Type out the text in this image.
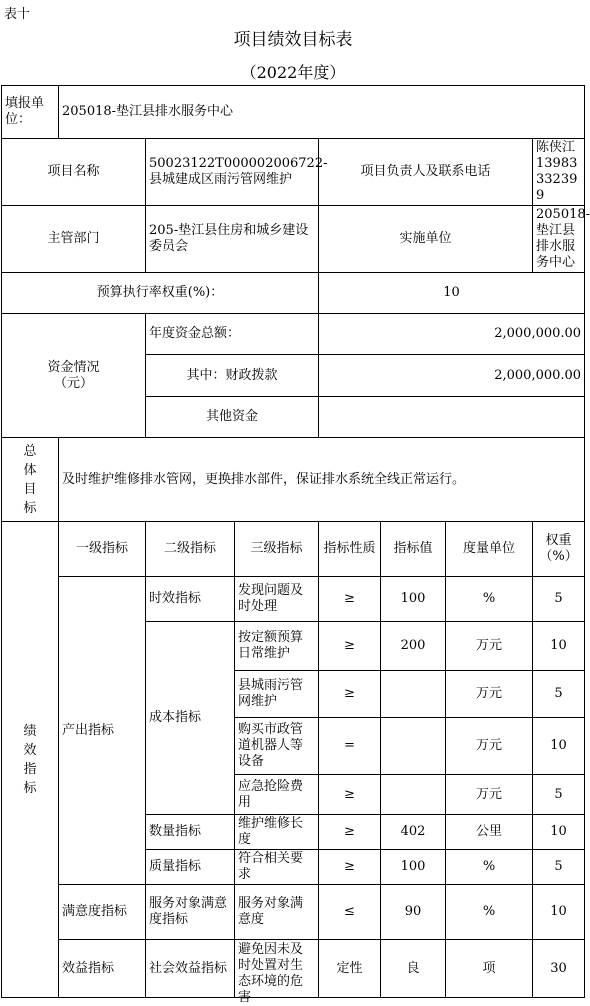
表十
项目绩效目标表
（2022年度）
填报单位：	205018-垫江县排水服务中心						
项目名称		50023122T000002006722-县城建成区雨污管网维护		项目负责人及联系电话			陈侠江 13983332399
主管部门		205-垫江县住房和城乡建设委员会		实施单位			205018-垫江县排水服务中心
预算执行率权重(%)：				10			
资金情况（元）		年度资金总额：		2,000,000.00			
		其中：财政拨款		2,000,000.00			
		其他资金					
总体目标	及时维护维修排水管网，更换排水部件，保证排水系统全线正常运行。						
绩效指标	一级指标	二级指标	三级指标	指标性质	指标值	度量单位	权重（%）
	产出指标	时效指标	发现问题及时处理	≥	100	%	5
		成本指标	按定额预算日常维护	≥	200	万元	10
			县城雨污管网维护	≥		万元	5
			购买市政管道机器人等设备	=		万元	10
			应急抢险费用	≥		万元	5
		数量指标	维护维修长度	≥	402	公里	10
		质量指标	符合相关要求	≥	100	%	5
	满意度指标	服务对象满意度指标	服务对象满意度	≤	90	%	10
	效益指标	社会效益指标	避免因未及时处置对生态环境的危害	定性	良	项	30
